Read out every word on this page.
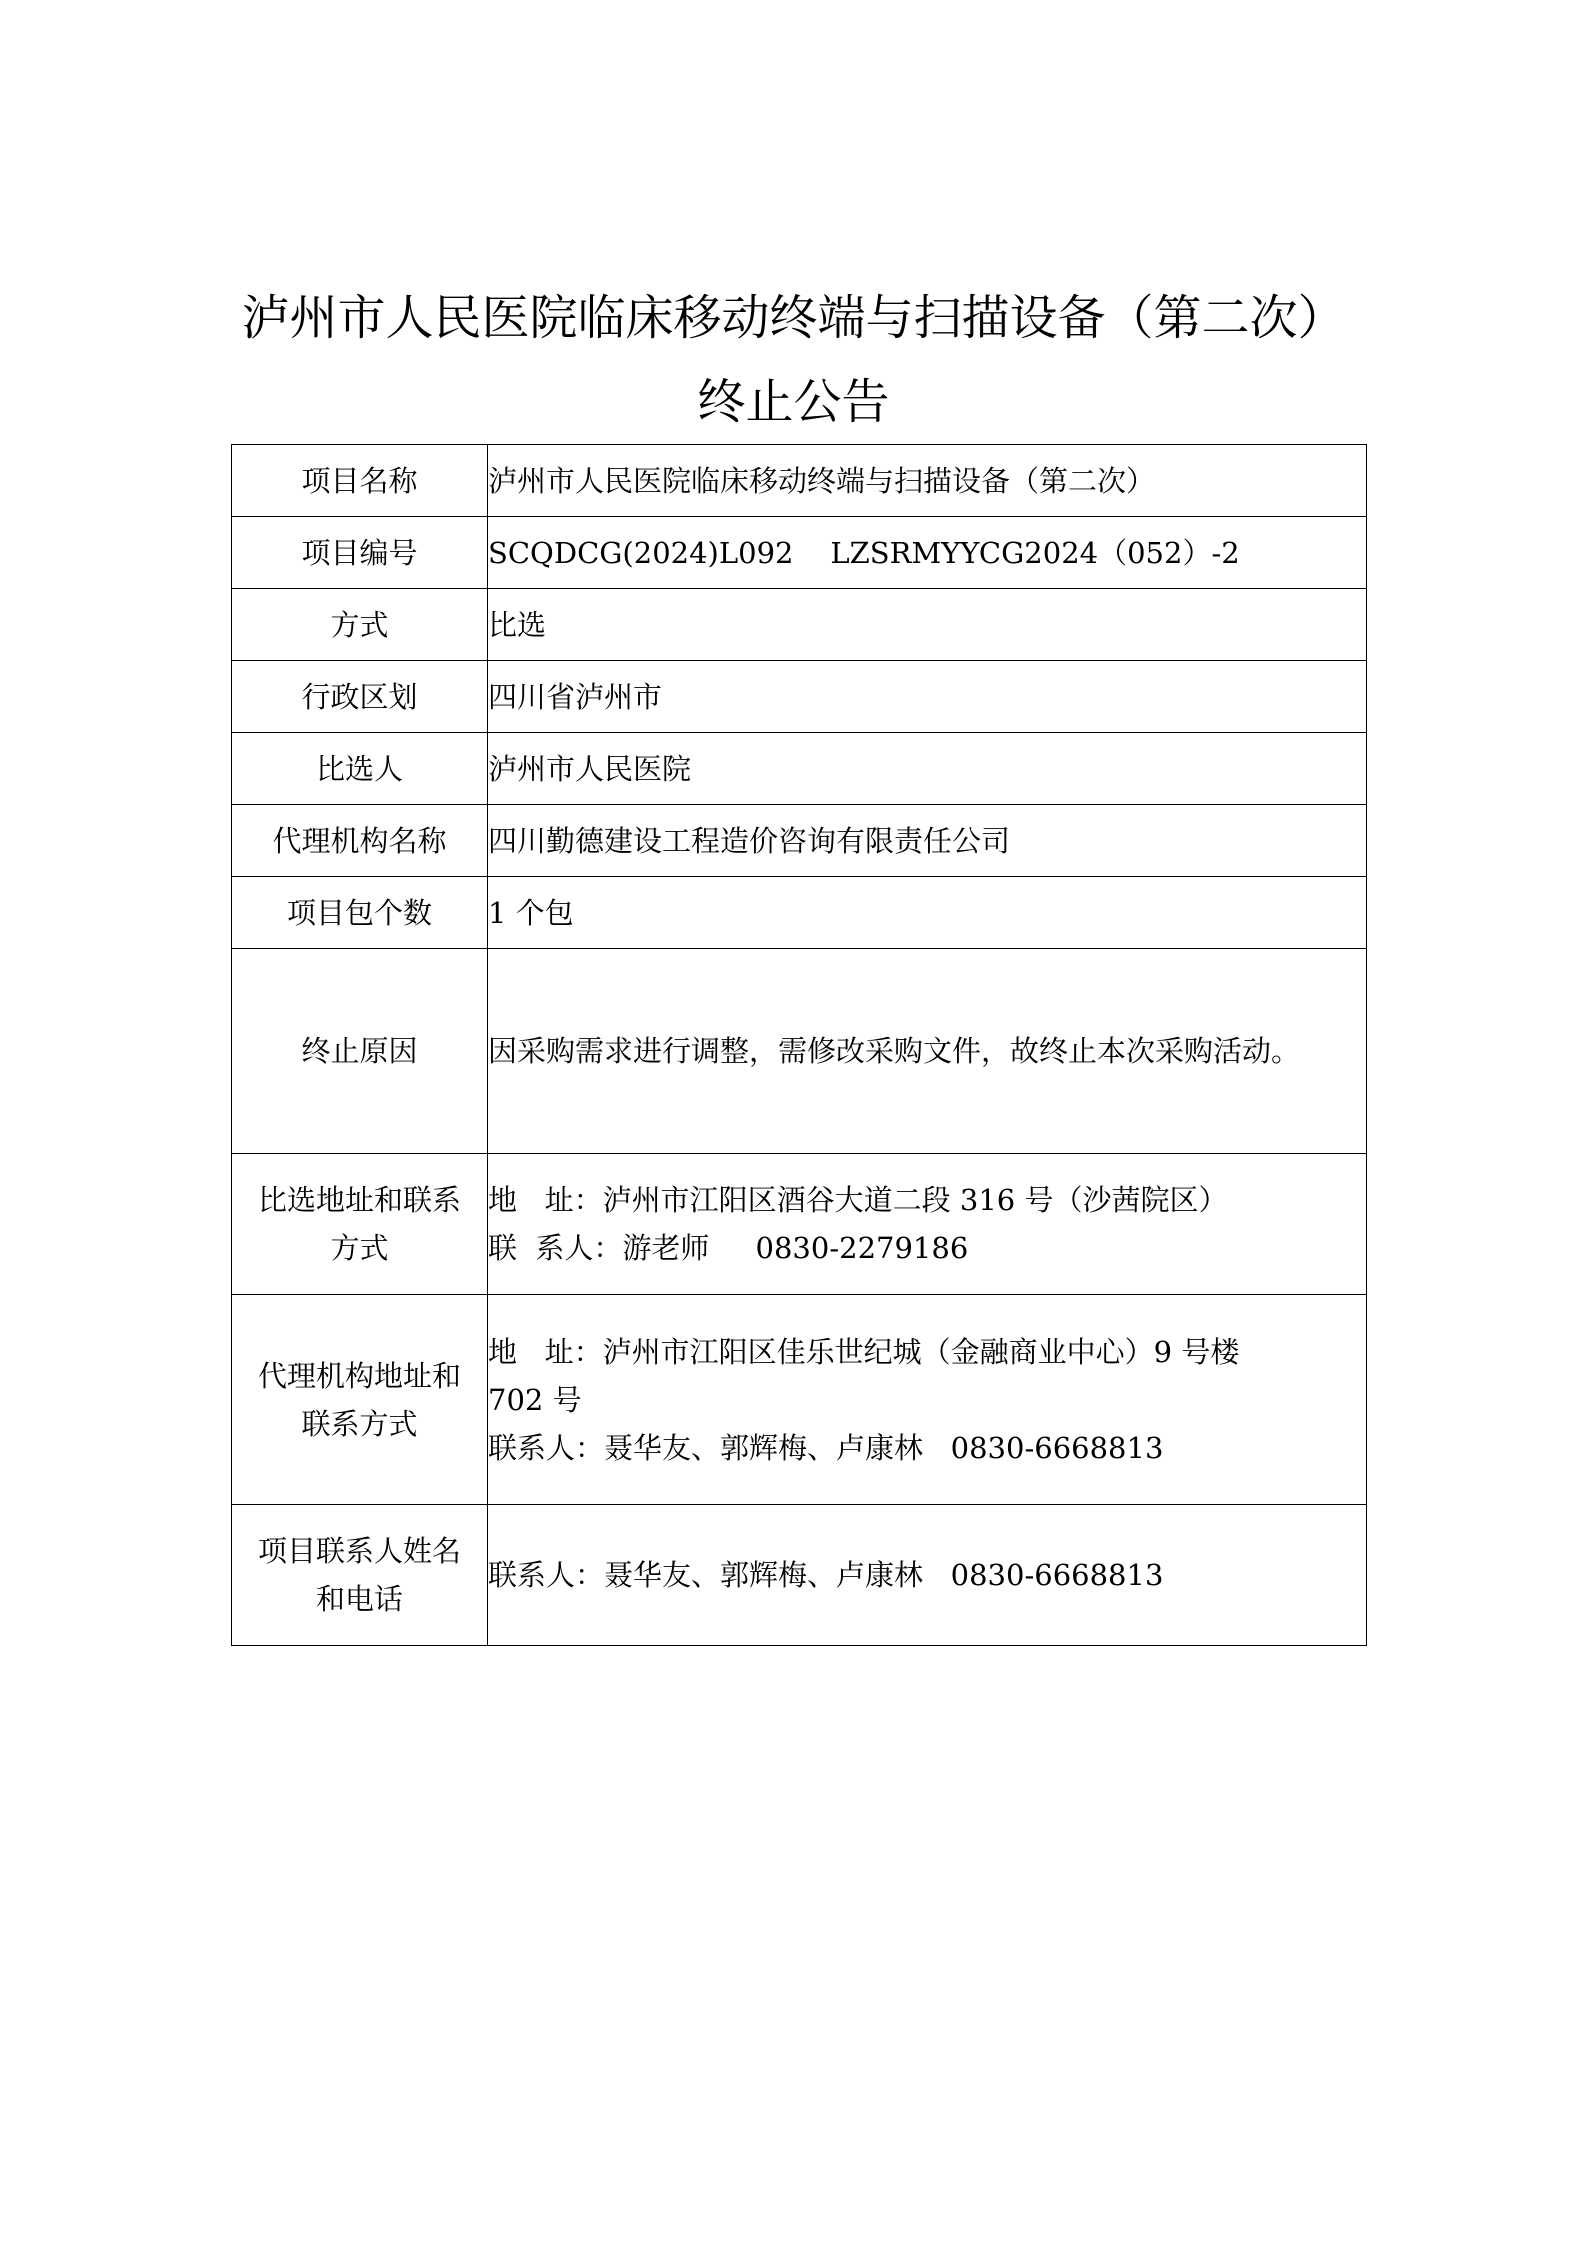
泸州市人民医院临床移动终端与扫描设备（第二次）
终止公告
项目名称	泸州市人民医院临床移动终端与扫描设备（第二次）
项目编号	SCQDCG(2024)L092    LZSRMYYCG2024（052）-2

方式	比选
行政区划	四川省泸州市
比选人	泸州市人民医院
代理机构名称	四川勤德建设工程造价咨询有限责任公司
项目包个数	1 个包
终止原因	因采购需求进行调整，需修改采购文件，故终止本次采购活动。

比选地址和联系
方式	地   址：泸州市江阳区酒谷大道二段 316 号（沙茜院区）
联  系人：游老师     0830-2279186

代理机构地址和
联系方式	地   址：泸州市江阳区佳乐世纪城（金融商业中心）9 号楼
702 号
联系人：聂华友、郭辉梅、卢康林   0830-6668813

项目联系人姓名
和电话	联系人：聂华友、郭辉梅、卢康林   0830-6668813
